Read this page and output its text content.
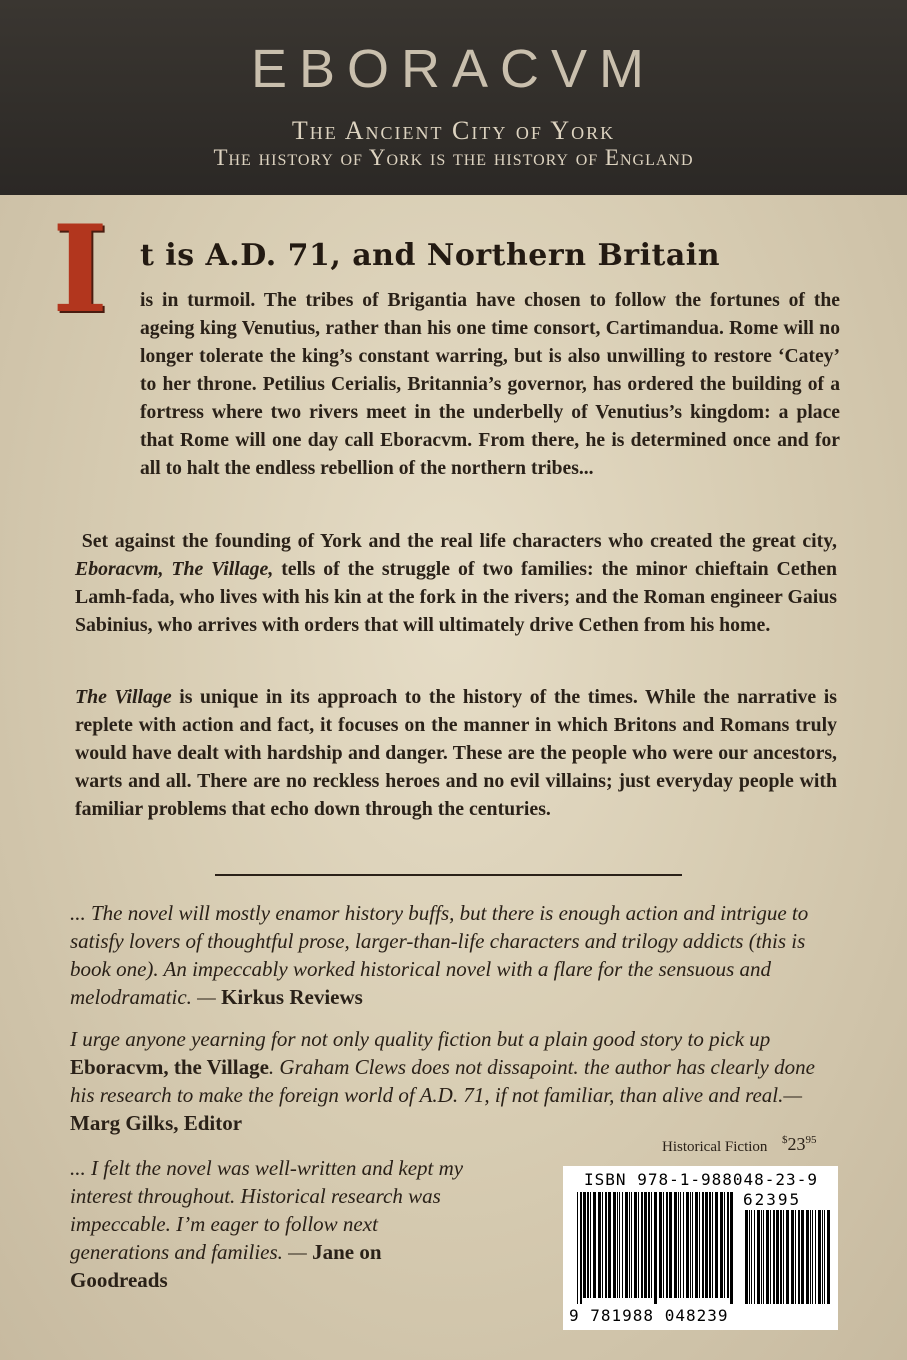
EBORACVM
The Ancient City of York
The history of York is the history of England
I t is A.D. 71, and Northern Britain
is in turmoil. The tribes of Brigantia have chosen to follow the fortunes of the ageing king Venutius, rather than his one time consort, Cartimandua. Rome will no longer tolerate the king’s constant warring, but is also unwilling to restore ‘Catey’ to her throne. Petilius Cerialis, Britannia’s governor, has ordered the building of a fortress where two rivers meet in the underbelly of Venutius’s kingdom: a place that Rome will one day call Eboracvm. From there, he is determined once and for all to halt the endless rebellion of the northern tribes...
Set against the founding of York and the real life characters who created the great city, Eboracvm, The Village, tells of the struggle of two families: the minor chieftain Cethen Lamh-fada, who lives with his kin at the fork in the rivers; and the Roman engineer Gaius Sabinius, who arrives with orders that will ultimately drive Cethen from his home.
The Village is unique in its approach to the history of the times. While the narrative is replete with action and fact, it focuses on the manner in which Britons and Romans truly would have dealt with hardship and danger. These are the people who were our ancestors, warts and all. There are no reckless heroes and no evil villains; just everyday people with familiar problems that echo down through the centuries.
... The novel will mostly enamor history buffs, but there is enough action and intrigue to satisfy lovers of thoughtful prose, larger-than-life characters and trilogy addicts (this is book one). An impeccably worked historical novel with a flare for the sensuous and melodramatic. — Kirkus Reviews
I urge anyone yearning for not only quality fiction but a plain good story to pick up Eboracvm, the Village. Graham Clews does not dissapoint. the author has clearly done his research to make the foreign world of A.D. 71, if not familiar, than alive and real.— Marg Gilks, Editor
... I felt the novel was well-written and kept my interest throughout. Historical research was impeccable. I’m eager to follow next generations and families. — Jane on Goodreads
Historical Fiction $^{\$}23^{95}$
ISBN 978-1-988048-23-9
62395
9 781988 048239
